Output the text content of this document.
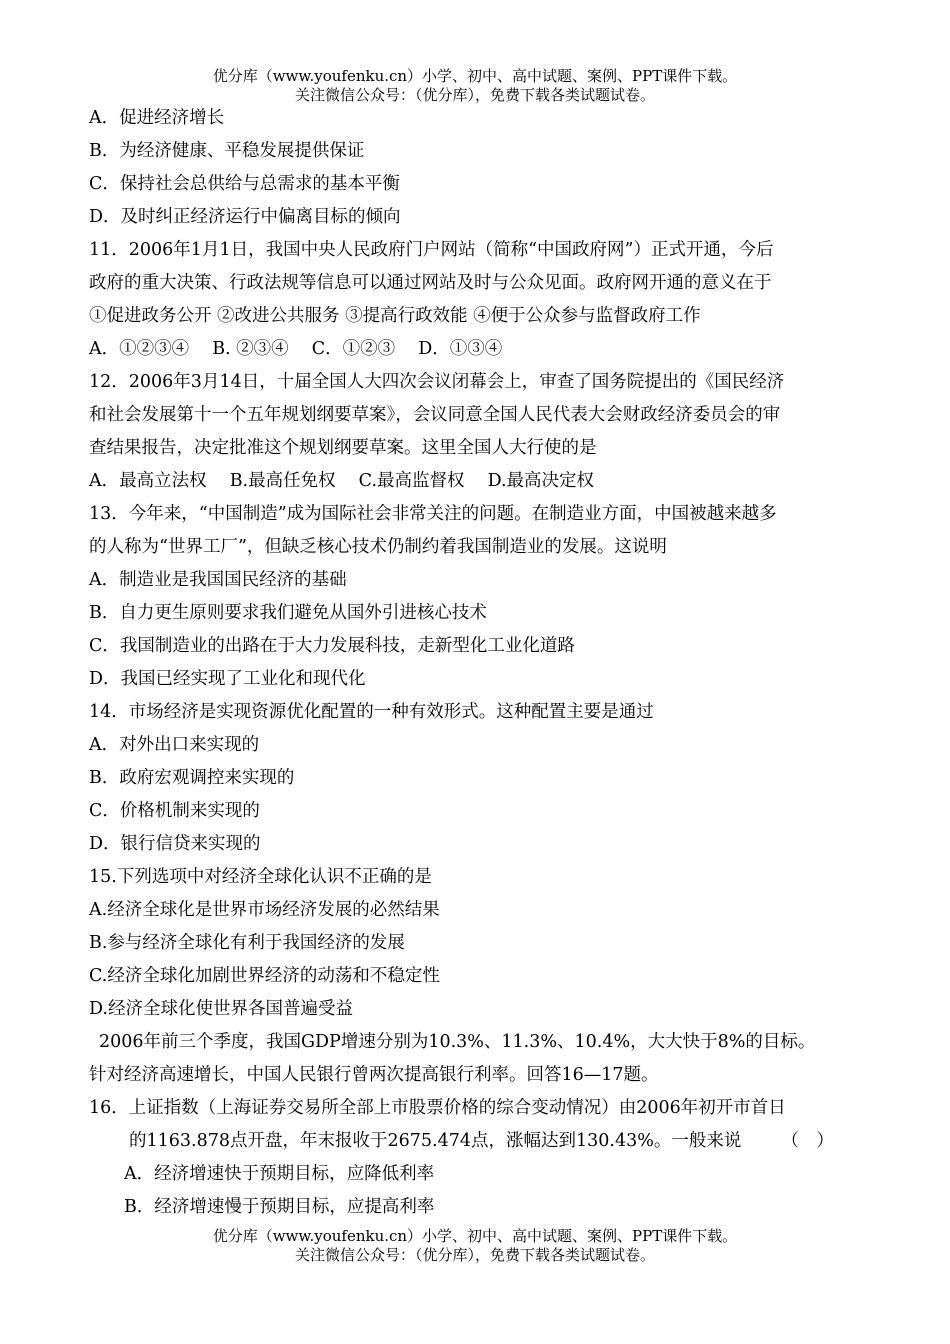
优分库（www.youfenku.cn）小学、初中、高中试题、案例、PPT课件下载。
关注微信公众号：（优分库），免费下载各类试题试卷。
A．促进经济增长
B．为经济健康、平稳发展提供保证
C．保持社会总供给与总需求的基本平衡
D．及时纠正经济运行中偏离目标的倾向
11．2006年1月1日，我国中央人民政府门户网站（简称“中国政府网”）正式开通，今后
政府的重大决策、行政法规等信息可以通过网站及时与公众见面。政府网开通的意义在于
①促进政务公开 ②改进公共服务 ③提高行政效能 ④便于公众参与监督政府工作
A．①②③④　 B. ②③④　 C．①②③　 D．①③④
12．2006年3月14日，十届全国人大四次会议闭幕会上，审查了国务院提出的《国民经济
和社会发展第十一个五年规划纲要草案》，会议同意全国人民代表大会财政经济委员会的审
查结果报告，决定批准这个规划纲要草案。这里全国人大行使的是
A．最高立法权　 B.最高任免权　 C.最高监督权　 D.最高决定权
13．今年来，“中国制造”成为国际社会非常关注的问题。在制造业方面，中国被越来越多
的人称为“世界工厂”，但缺乏核心技术仍制约着我国制造业的发展。这说明
A．制造业是我国国民经济的基础
B．自力更生原则要求我们避免从国外引进核心技术
C．我国制造业的出路在于大力发展科技，走新型化工业化道路
D．我国已经实现了工业化和现代化
14．市场经济是实现资源优化配置的一种有效形式。这种配置主要是通过
A．对外出口来实现的
B．政府宏观调控来实现的
C．价格机制来实现的
D．银行信贷来实现的
15.下列选项中对经济全球化认识不正确的是
A.经济全球化是世界市场经济发展的必然结果
B.参与经济全球化有利于我国经济的发展
C.经济全球化加剧世界经济的动荡和不稳定性
D.经济全球化使世界各国普遍受益
2006年前三个季度，我国GDP增速分别为10.3%、11.3%、10.4%，大大快于8%的目标。
针对经济高速增长，中国人民银行曾两次提高银行利率。回答16—17题。
16．上证指数（上海证券交易所全部上市股票价格的综合变动情况）由2006年初开市首日
的1163.878点开盘，年末报收于2675.474点，涨幅达到130.43%。一般来说 （　）
A．经济增速快于预期目标，应降低利率
B．经济增速慢于预期目标，应提高利率
优分库（www.youfenku.cn）小学、初中、高中试题、案例、PPT课件下载。
关注微信公众号：（优分库），免费下载各类试题试卷。
